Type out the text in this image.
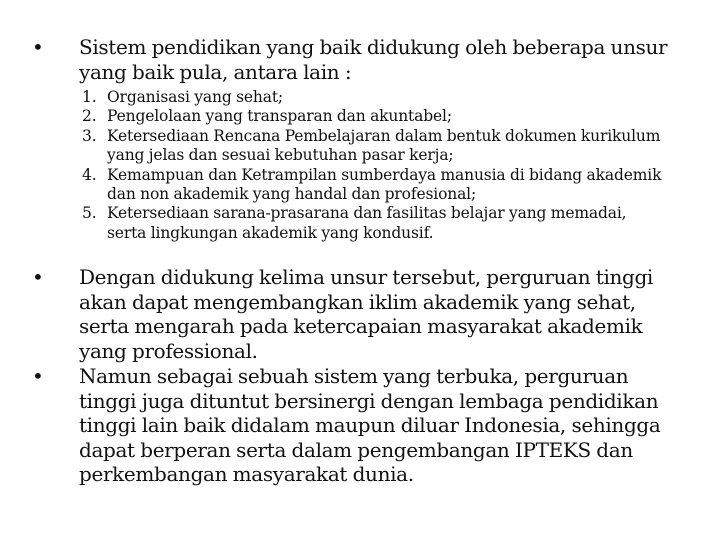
• Sistem pendidikan yang baik didukung oleh beberapa unsur yang baik pula, antara lain :
1. Organisasi yang sehat;
2. Pengelolaan yang transparan dan akuntabel;
3. Ketersediaan Rencana Pembelajaran dalam bentuk dokumen kurikulum yang jelas dan sesuai kebutuhan pasar kerja;
4. Kemampuan dan Ketrampilan sumberdaya manusia di bidang akademik dan non akademik yang handal dan profesional;
5. Ketersediaan sarana-prasarana dan fasilitas belajar yang memadai, serta lingkungan akademik yang kondusif.
• Dengan didukung kelima unsur tersebut, perguruan tinggi akan dapat mengembangkan iklim akademik yang sehat, serta mengarah pada ketercapaian masyarakat akademik yang professional.
• Namun sebagai sebuah sistem yang terbuka, perguruan tinggi juga dituntut bersinergi dengan lembaga pendidikan tinggi lain baik didalam maupun diluar Indonesia, sehingga dapat berperan serta dalam pengembangan IPTEKS dan perkembangan masyarakat dunia.
